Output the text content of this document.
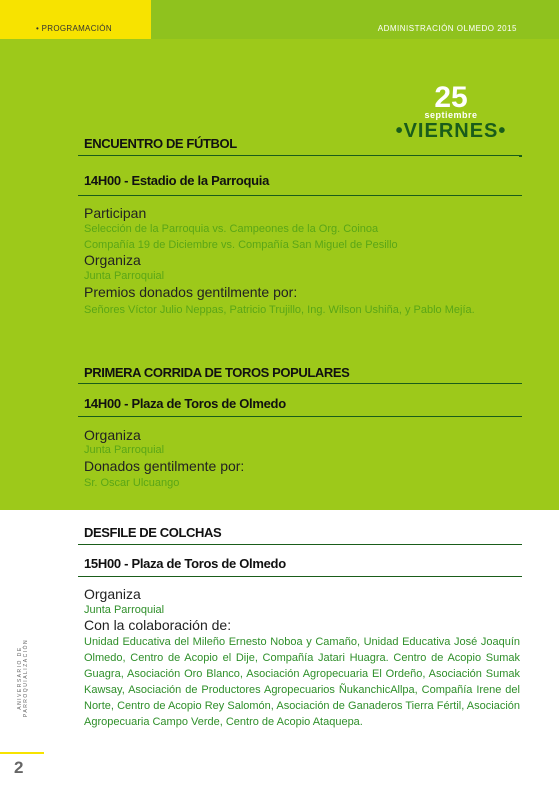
• PROGRAMACIÓN	ADMINISTRACIÓN OLMEDO 2015
25
septiembre
•VIERNES•
ENCUENTRO DE FÚTBOL
14H00 - Estadio de la Parroquia
Participan
Selección de la Parroquia vs. Campeones de la Org. Coinoa
Compañía 19 de Diciembre vs. Compañía San Miguel de Pesillo
Organiza
Junta Parroquial
Premios donados gentilmente por:
Señores Víctor Julio Neppas, Patricio Trujillo, Ing. Wilson Ushiña, y Pablo Mejía.
PRIMERA CORRIDA DE TOROS POPULARES
14H00 - Plaza de Toros de Olmedo
Organiza
Junta Parroquial
Donados gentilmente por:
Sr. Oscar Ulcuango
DESFILE DE COLCHAS
15H00 - Plaza de Toros de Olmedo
Organiza
Junta Parroquial
Con la colaboración de:
Unidad Educativa del Mileño Ernesto Noboa y Camaño, Unidad Educativa José Joaquín Olmedo, Centro de Acopio el Dije, Compañía Jatari Huagra. Centro de Acopio Sumak Guagra, Asociación Oro Blanco, Asociación Agropecuaria El Ordeño, Asociación Sumak Kawsay, Asociación de Productores Agropecuarios ÑukanchicAllpa, Compañía Irene del Norte, Centro de Acopio Rey Salomón, Asociación de Ganaderos Tierra Fértil, Asociación Agropecuaria Campo Verde, Centro de Acopio Ataquepa.
ANIVERSARIO DE PARROQUIALIZACIÓN
2
